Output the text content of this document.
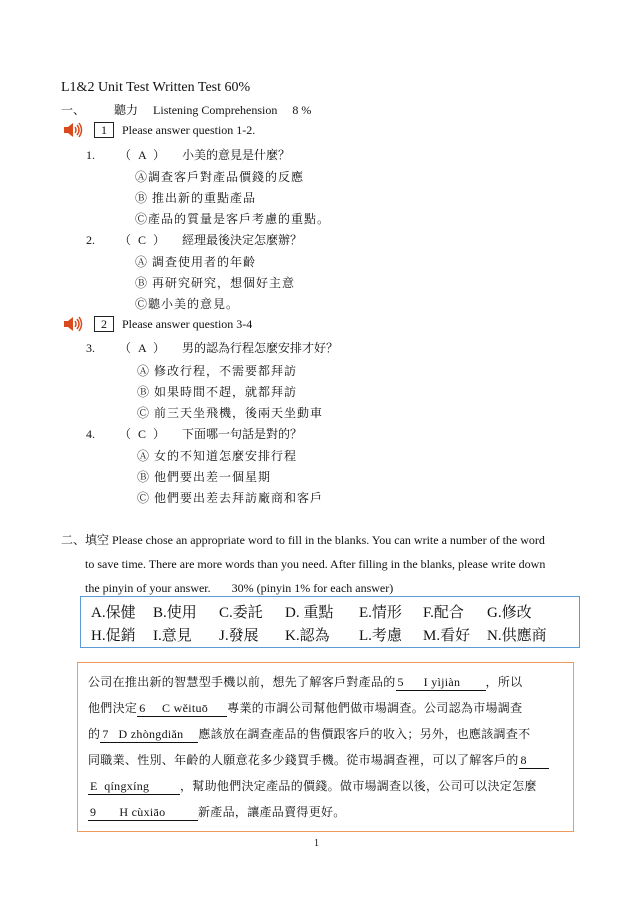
L1&2 Unit Test Written Test 60%
一、 聽力 Listening Comprehension 8 %
1	Please answer question 1-2.
1. （ A ） 小美的意見是什麼？
Ⓐ調查客戶對產品價錢的反應
Ⓑ 推出新的重點產品
Ⓒ產品的質量是客戶考慮的重點。
2. （ C ） 經理最後決定怎麼辦？
Ⓐ 調查使用者的年齡
Ⓑ 再研究研究，想個好主意
Ⓒ聽小美的意見。
2	Please answer question 3-4
3. （ A ） 男的認為行程怎麼安排才好？
Ⓐ 修改行程，不需要都拜訪
Ⓑ 如果時間不趕，就都拜訪
Ⓒ 前三天坐飛機，後兩天坐動車
4. （ C ） 下面哪一句話是對的？
Ⓐ 女的不知道怎麼安排行程
Ⓑ 他們要出差一個星期
Ⓒ 他們要出差去拜訪廠商和客戶
二、填空 Please chose an appropriate word to fill in the blanks. You can write a number of the word
to save time. There are more words than you need. After filling in the blanks, please write down
the pinyin of your answer.       30% (pinyin 1% for each answer)
A.保健	B.使用	C.委託	D. 重點	E.情形	F.配合	G.修改
H.促銷	I.意見	J.發展	K.認為	L.考慮	M.看好	N.供應商
公司在推出新的智慧型手機以前，想先了解客戶對產品的 5      I yìjiàn ，所以
他們決定 6     C wěituō 專業的市調公司幫他們做市場調查。公司認為市場調查
的 7   D zhòngdiǎn 應該放在調查產品的售價跟客戶的收入；另外，也應該調查不
同職業、性別、年齡的人願意花多少錢買手機。從市場調查裡，可以了解客戶的 8
E  qíngxíng	，幫助他們決定產品的價錢。做市場調查以後，公司可以決定怎麼
9       H cùxiāo	新產品，讓產品賣得更好。
1
